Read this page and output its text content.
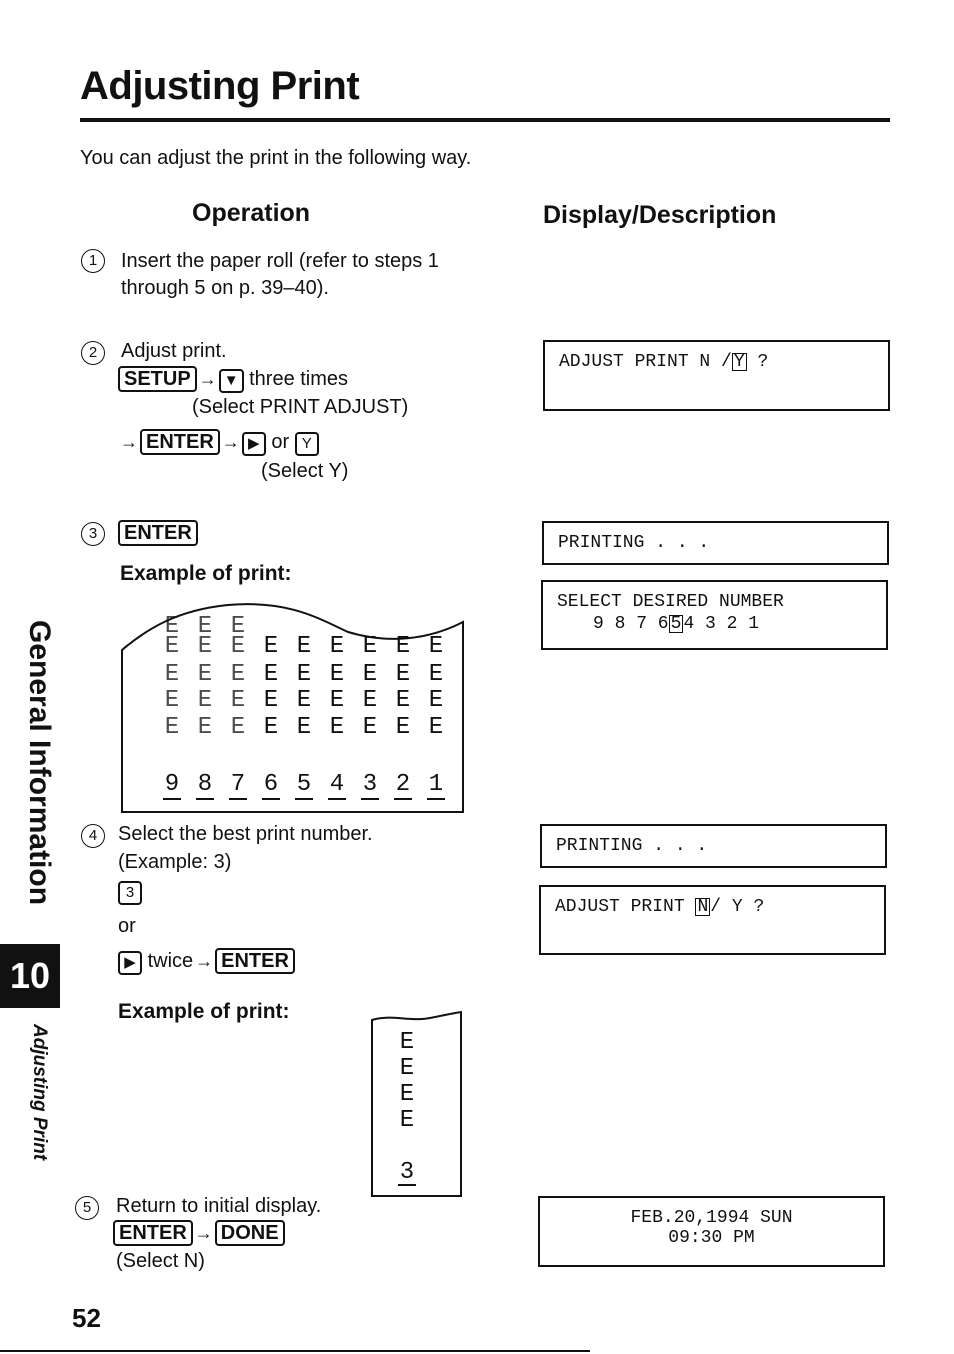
Adjusting Print
You can adjust the print in the following way.
Operation	Display/Description
1	Insert the paper roll (refer to steps 1
through 5 on p. 39–40).
2	Adjust print.
SETUP → ▼ three times
(Select PRINT ADJUST)
→ ENTER → ▶ or Y
(Select Y)
3	ENTER
Example of print:
E E E
E E E E E E E E E
E E E E E E E E E
E E E E E E E E E
E E E E E E E E E
9 8 7 6 5 4 3 2 1
4	Select the best print number.
(Example: 3)
3
or
▶ twice → ENTER
Example of print:
E
E
E
E
3
5	Return to initial display.
ENTER → DONE
(Select N)
ADJUST PRINT N / Y ?
PRINTING . . .
SELECT DESIRED NUMBER
9 8 7 6 5 4 3 2 1
PRINTING . . .
ADJUST PRINT N / Y ?
FEB.20,1994 SUN
09:30 PM
General Information
10
Adjusting Print
52
